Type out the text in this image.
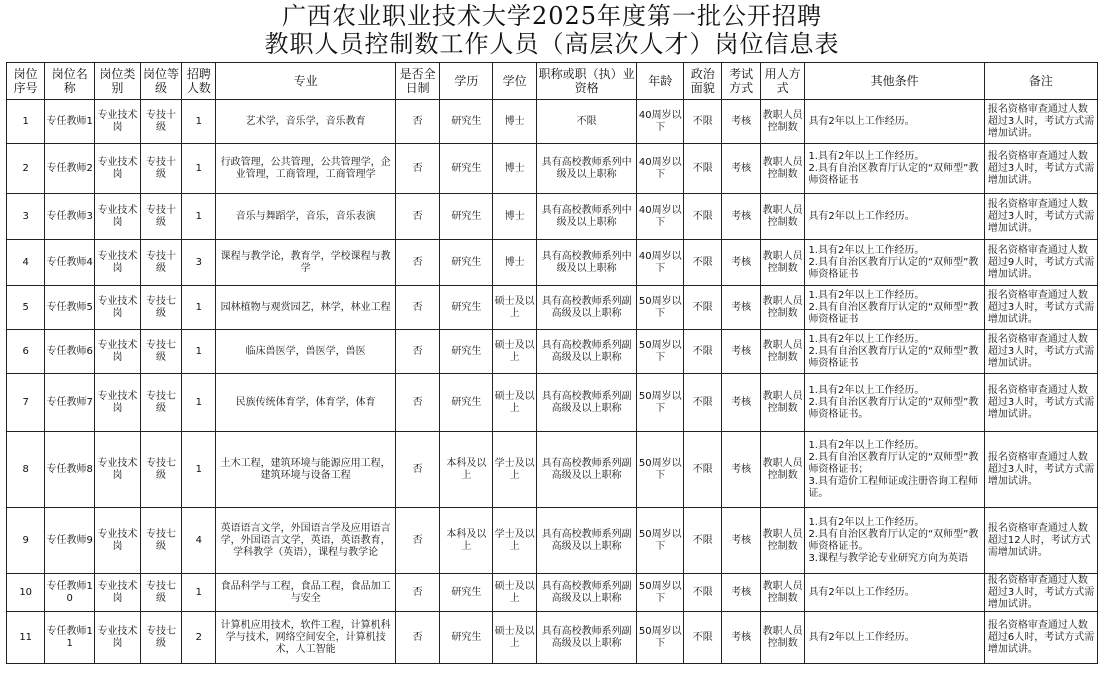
广西农业职业技术大学2025年度第一批公开招聘
教职人员控制数工作人员（高层次人才）岗位信息表
岗位序号	岗位名称	岗位类别	岗位等级	招聘人数	专业	是否全日制	学历	学位	职称或职（执）业资格	年龄	政治面貌	考试方式	用人方式	其他条件	备注
1	专任教师1	专业技术岗	专技十级	1	艺术学，音乐学，音乐教育	否	研究生	博士	不限	40周岁以下	不限	考核	教职人员控制数	具有2年以上工作经历。	报名资格审查通过人数超过3人时，考试方式需增加试讲。
2	专任教师2	专业技术岗	专技十级	1	行政管理，公共管理，公共管理学，企业管理，工商管理，工商管理学	否	研究生	博士	具有高校教师系列中级及以上职称	40周岁以下	不限	考核	教职人员控制数	1.具有2年以上工作经历。
2.具有自治区教育厅认定的“双师型”教师资格证书	报名资格审查通过人数超过3人时，考试方式需增加试讲。
3	专任教师3	专业技术岗	专技十级	1	音乐与舞蹈学，音乐，音乐表演	否	研究生	博士	具有高校教师系列中级及以上职称	40周岁以下	不限	考核	教职人员控制数	具有2年以上工作经历。	报名资格审查通过人数超过3人时，考试方式需增加试讲。
4	专任教师4	专业技术岗	专技十级	3	课程与教学论，教育学，学校课程与教学	否	研究生	博士	具有高校教师系列中级及以上职称	40周岁以下	不限	考核	教职人员控制数	1.具有2年以上工作经历。
2.具有自治区教育厅认定的“双师型”教师资格证书	报名资格审查通过人数超过9人时，考试方式需增加试讲。
5	专任教师5	专业技术岗	专技七级	1	园林植物与观赏园艺，林学，林业工程	否	研究生	硕士及以上	具有高校教师系列副高级及以上职称	50周岁以下	不限	考核	教职人员控制数	1.具有2年以上工作经历。
2.具有自治区教育厅认定的“双师型”教师资格证书	报名资格审查通过人数超过3人时，考试方式需增加试讲。
6	专任教师6	专业技术岗	专技七级	1	临床兽医学，兽医学，兽医	否	研究生	硕士及以上	具有高校教师系列副高级及以上职称	50周岁以下	不限	考核	教职人员控制数	1.具有2年以上工作经历。
2.具有自治区教育厅认定的“双师型”教师资格证书	报名资格审查通过人数超过3人时，考试方式需增加试讲。
7	专任教师7	专业技术岗	专技七级	1	民族传统体育学，体育学，体育	否	研究生	硕士及以上	具有高校教师系列副高级及以上职称	50周岁以下	不限	考核	教职人员控制数	1.具有2年以上工作经历。
2.具有自治区教育厅认定的“双师型”教师资格证书。	报名资格审查通过人数超过3人时，考试方式需增加试讲。
8	专任教师8	专业技术岗	专技七级	1	土木工程，建筑环境与能源应用工程，建筑环境与设备工程	否	本科及以上	学士及以上	具有高校教师系列副高级及以上职称	50周岁以下	不限	考核	教职人员控制数	1.具有2年以上工作经历。
2.具有自治区教育厅认定的“双师型”教师资格证书；
3.具有造价工程师证或注册咨询工程师证。	报名资格审查通过人数超过3人时，考试方式需增加试讲。
9	专任教师9	专业技术岗	专技七级	4	英语语言文学，外国语言学及应用语言学，外国语言文学，英语，英语教育，学科教学（英语），课程与教学论	否	本科及以上	学士及以上	具有高校教师系列副高级及以上职称	50周岁以下	不限	考核	教职人员控制数	1.具有2年以上工作经历。
2.具有自治区教育厅认定的“双师型”教师资格证书。
3.课程与教学论专业研究方向为英语	报名资格审查通过人数超过12人时，考试方式需增加试讲。
10	专任教师10	专业技术岗	专技七级	1	食品科学与工程，食品工程，食品加工与安全	否	研究生	硕士及以上	具有高校教师系列副高级及以上职称	50周岁以下	不限	考核	教职人员控制数	具有2年以上工作经历。	报名资格审查通过人数超过3人时，考试方式需增加试讲。
11	专任教师11	专业技术岗	专技七级	2	计算机应用技术，软件工程，计算机科学与技术，网络空间安全，计算机技术，人工智能	否	研究生	硕士及以上	具有高校教师系列副高级及以上职称	50周岁以下	不限	考核	教职人员控制数	具有2年以上工作经历。	报名资格审查通过人数超过6人时，考试方式需增加试讲。
